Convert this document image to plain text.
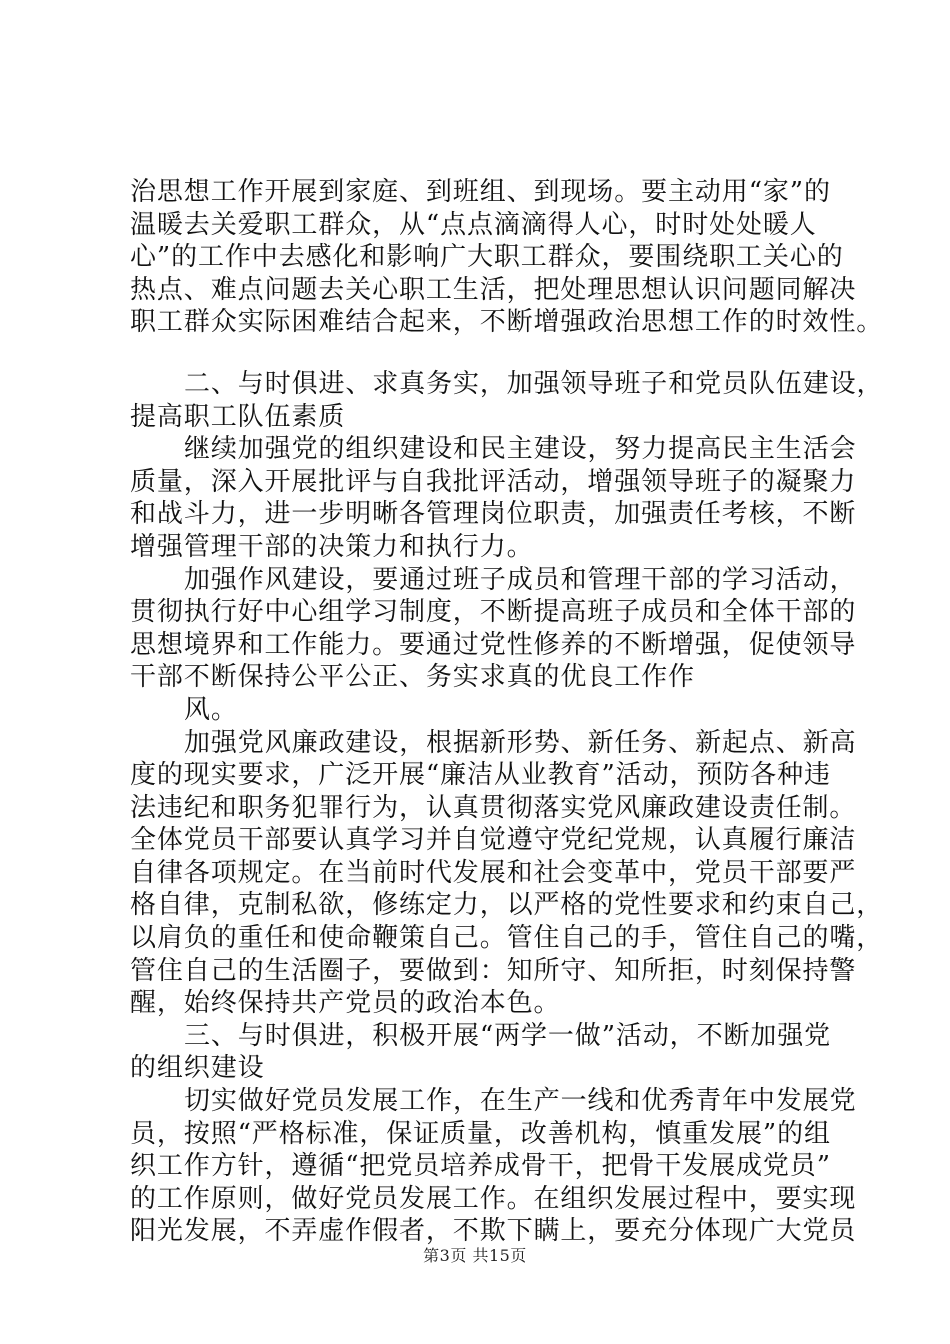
治思想工作开展到家庭、到班组、到现场。要主动用“家”的
温暖去关爱职工群众，从“点点滴滴得人心，时时处处暖人
心”的工作中去感化和影响广大职工群众，要围绕职工关心的
热点、难点问题去关心职工生活，把处理思想认识问题同解决
职工群众实际困难结合起来，不断增强政治思想工作的时效性。
二、与时俱进、求真务实，加强领导班子和党员队伍建设，
提高职工队伍素质
继续加强党的组织建设和民主建设，努力提高民主生活会
质量，深入开展批评与自我批评活动，增强领导班子的凝聚力
和战斗力，进一步明晰各管理岗位职责，加强责任考核，不断
增强管理干部的决策力和执行力。
加强作风建设，要通过班子成员和管理干部的学习活动，
贯彻执行好中心组学习制度，不断提高班子成员和全体干部的
思想境界和工作能力。要通过党性修养的不断增强，促使领导
干部不断保持公平公正、务实求真的优良工作作
风。
加强党风廉政建设，根据新形势、新任务、新起点、新高
度的现实要求，广泛开展“廉洁从业教育”活动，预防各种违
法违纪和职务犯罪行为，认真贯彻落实党风廉政建设责任制。
全体党员干部要认真学习并自觉遵守党纪党规，认真履行廉洁
自律各项规定。在当前时代发展和社会变革中，党员干部要严
格自律，克制私欲，修练定力，以严格的党性要求和约束自己，
以肩负的重任和使命鞭策自己。管住自己的手，管住自己的嘴，
管住自己的生活圈子，要做到：知所守、知所拒，时刻保持警
醒，始终保持共产党员的政治本色。
三、与时俱进，积极开展“两学一做”活动，不断加强党
的组织建设
切实做好党员发展工作，在生产一线和优秀青年中发展党
员，按照“严格标准，保证质量，改善机构，慎重发展”的组
织工作方针，遵循“把党员培养成骨干，把骨干发展成党员”
的工作原则，做好党员发展工作。在组织发展过程中，要实现
阳光发展，不弄虚作假者，不欺下瞒上，要充分体现广大党员
第3页 共15页
